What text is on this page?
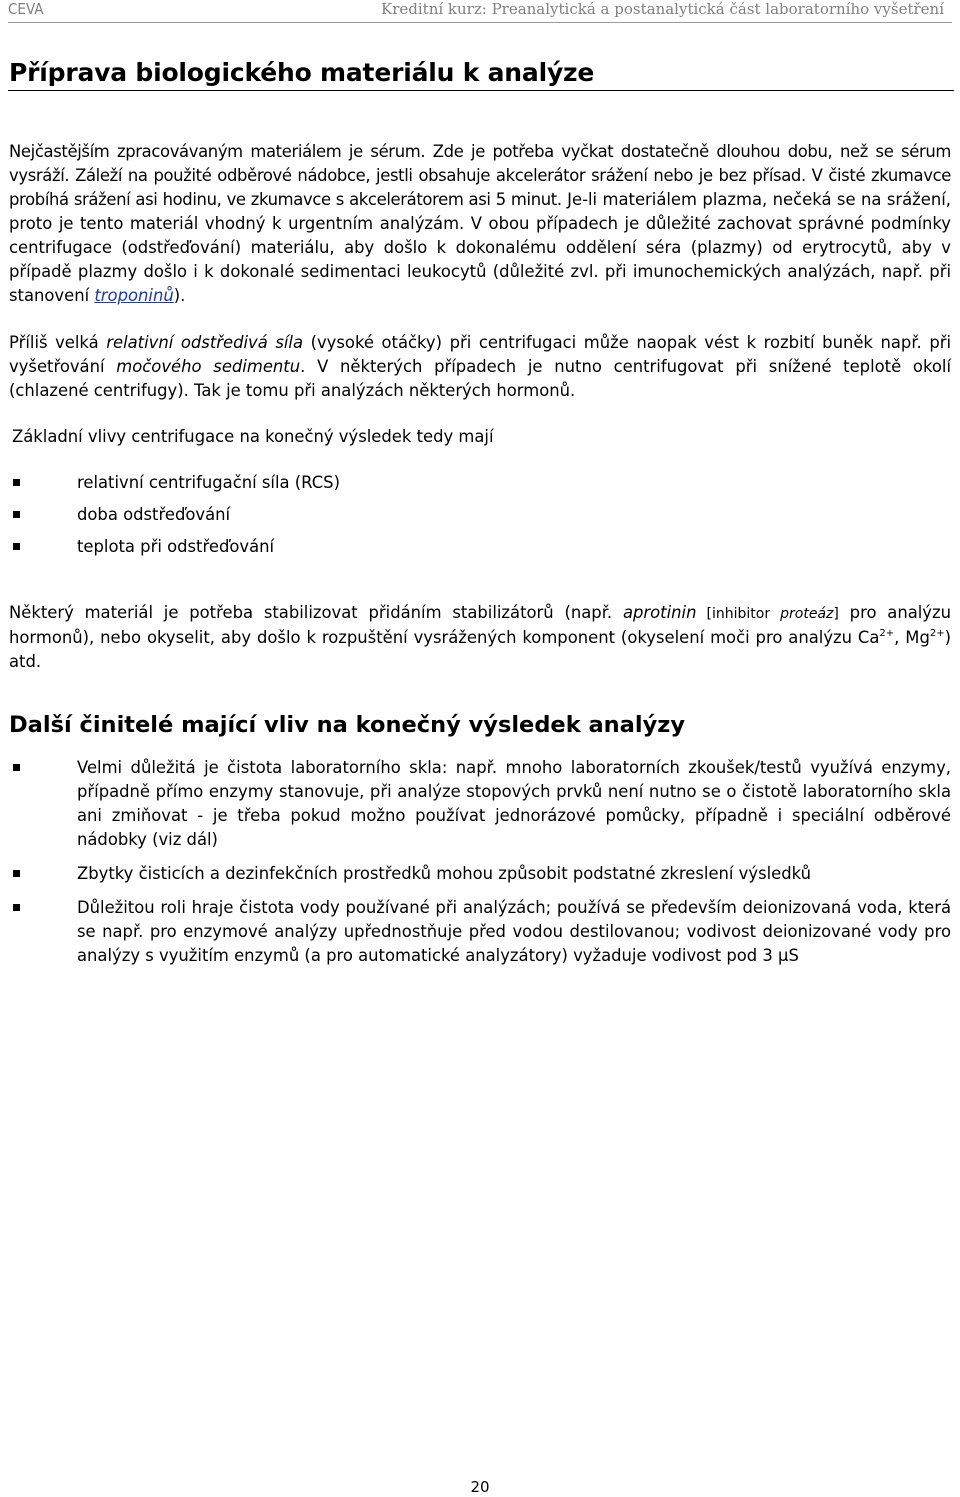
CEVA	Kreditní kurz: Preanalytická a postanalytická část laboratorního vyšetření
Příprava biologického materiálu k analýze

Nejčastějším zpracovávaným materiálem je sérum. Zde je potřeba vyčkat dostatečně dlouhou dobu, než se sérum vysráží. Záleží na použité odběrové nádobce, jestli obsahuje akcelerátor srážení nebo je bez přísad. V čisté zkumavce probíhá srážení asi hodinu, ve zkumavce s akcelerátorem asi 5 minut. Je-li materiálem plazma, nečeká se na srážení, proto je tento materiál vhodný k urgentním analýzám. V obou případech je důležité zachovat správné podmínky centrifugace (odstřeďování) materiálu, aby došlo k dokonalému oddělení séra (plazmy) od erytrocytů, aby v případě plazmy došlo i k dokonalé sedimentaci leukocytů (důležité zvl. při imunochemických analýzách, např. při stanovení troponinů).

Příliš velká relativní odstředivá síla (vysoké otáčky) při centrifugaci může naopak vést k rozbití buněk např. při vyšetřování močového sedimentu. V některých případech je nutno centrifugovat při snížené teplotě okolí (chlazené centrifugy). Tak je tomu při analýzách některých hormonů.

Základní vlivy centrifugace na konečný výsledek tedy mají

relativní centrifugační síla (RCS)
doba odstřeďování
teplota při odstřeďování

Některý materiál je potřeba stabilizovat přidáním stabilizátorů (např. aprotinin [inhibitor proteáz] pro analýzu hormonů), nebo okyselit, aby došlo k rozpuštění vysrážených komponent (okyselení moči pro analýzu $Ca^{2+}$, $Mg^{2+}$) atd.

Další činitelé mající vliv na konečný výsledek analýzy
Velmi důležitá je čistota laboratorního skla: např. mnoho laboratorních zkoušek/testů využívá enzymy, případně přímo enzymy stanovuje, při analýze stopových prvků není nutno se o čistotě laboratorního skla ani zmiňovat - je třeba pokud možno používat jednorázové pomůcky, případně i speciální odběrové nádobky (viz dál)
Zbytky čisticích a dezinfekčních prostředků mohou způsobit podstatné zkreslení výsledků
Důležitou roli hraje čistota vody používané při analýzách; používá se především deionizovaná voda, která se např. pro enzymové analýzy upřednostňuje před vodou destilovanou; vodivost deionizované vody pro analýzy s využitím enzymů (a pro automatické analyzátory) vyžaduje vodivost pod 3 μS
20
